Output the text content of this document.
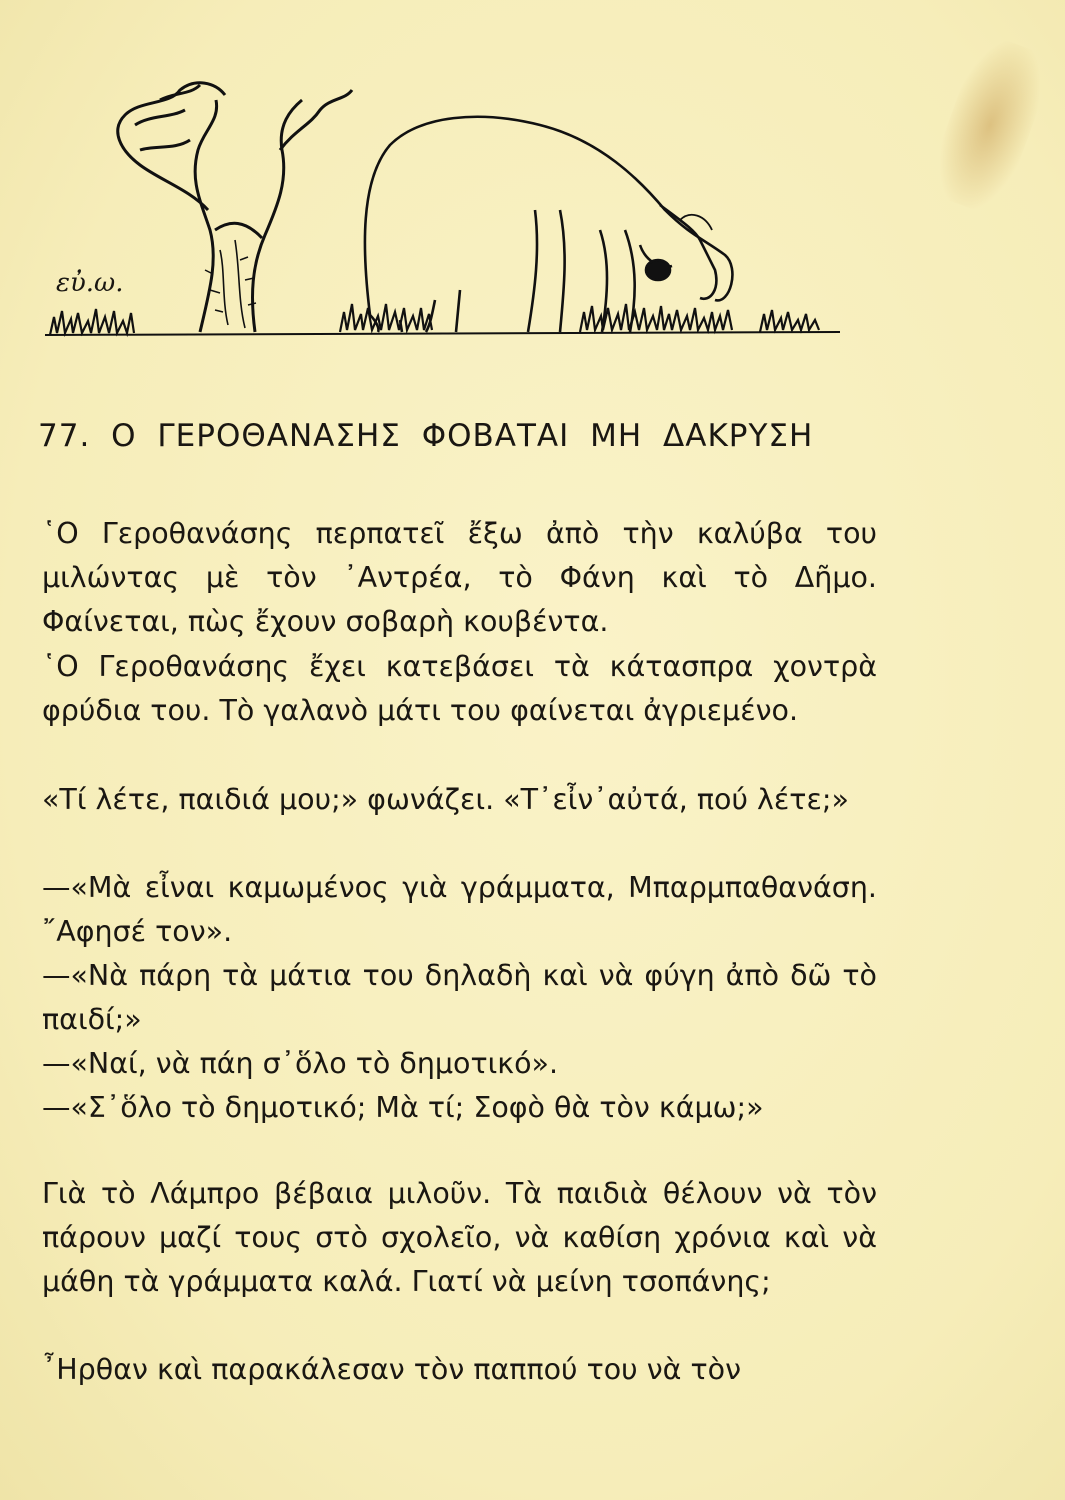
εὐ.ω.
77. Ο ΓΕΡΟΘΑΝΑΣΗΣ ΦΟΒΑΤΑΙ ΜΗ ΔΑΚΡΥΣΗ

῾Ο Γεροθανάσης περπατεῖ ἔξω ἀπὸ τὴν καλύβα του μιλώντας μὲ τὸν ᾿Αντρέα, τὸ Φάνη καὶ τὸ Δῆμο. Φαίνεται, πὼς ἔχουν σοβαρὴ κουβέντα.

῾Ο Γεροθανάσης ἔχει κατεβάσει τὰ κάτασπρα χοντρὰ φρύδια του. Τὸ γαλανὸ μάτι του φαίνεται ἀγριεμένο.

«Τί λέτε, παιδιά μου;» φωνάζει. «Τ᾿εἶν᾿αὐτά, πού λέτε;»

—«Μὰ εἶναι καμωμένος γιὰ γράμματα, Μπαρμπαθανάση. ῎Αφησέ τον».

—«Νὰ πάρη τὰ μάτια του δηλαδὴ καὶ νὰ φύγη ἀπὸ δῶ τὸ παιδί;»

—«Ναί, νὰ πάη σ᾿ὅλο τὸ δημοτικό».

—«Σ᾿ὅλο τὸ δημοτικό; Μὰ τί; Σοφὸ θὰ τὸν κάμω;»

Γιὰ τὸ Λάμπρο βέβαια μιλοῦν. Τὰ παιδιὰ θέλουν νὰ τὸν πάρουν μαζί τους στὸ σχολεῖο, νὰ καθίση χρόνια καὶ νὰ μάθη τὰ γράμματα καλά. Γιατί νὰ μείνη τσοπάνης;

῏Ηρθαν καὶ παρακάλεσαν τὸν παππού του νὰ τὸν
